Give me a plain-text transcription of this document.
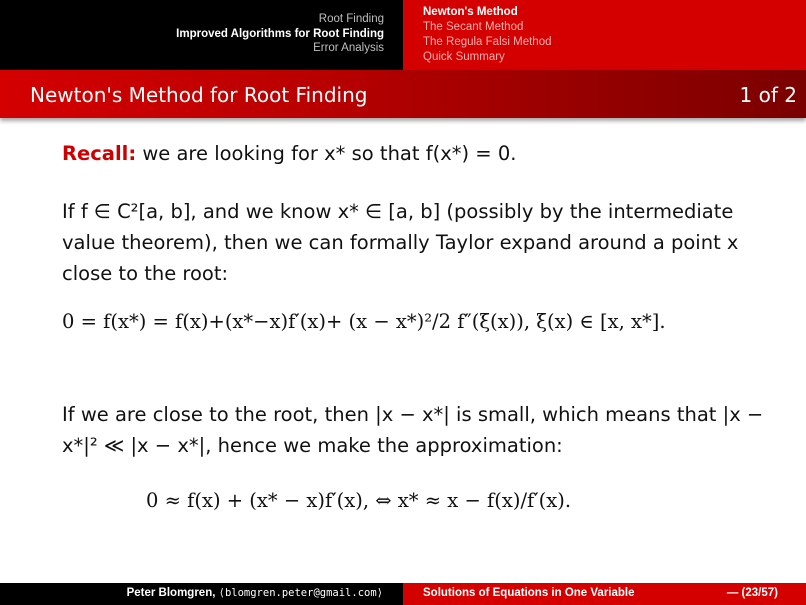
Root Finding
Improved Algorithms for Root Finding
Error Analysis
Newton's Method
The Secant Method
The Regula Falsi Method
Quick Summary
Newton's Method for Root Finding	1 of 2
Recall: we are looking for x* so that f(x*) = 0.
If f ∈ C²[a, b], and we know x* ∈ [a, b] (possibly by the intermediate value theorem), then we can formally Taylor expand around a point x close to the root:
0 = f(x*) = f(x)+(x*−x)f′(x)+ (x − x*)²/2 f″(ξ(x)), ξ(x) ∈ [x, x*].
If we are close to the root, then |x − x*| is small, which means that |x − x*|² ≪ |x − x*|, hence we make the approximation:
0 ≈ f(x) + (x* − x)f′(x), ⇔ x* ≈ x − f(x)/f′(x).
Peter Blomgren, ⟨blomgren.peter@gmail.com⟩	Solutions of Equations in One Variable	— (23/57)
